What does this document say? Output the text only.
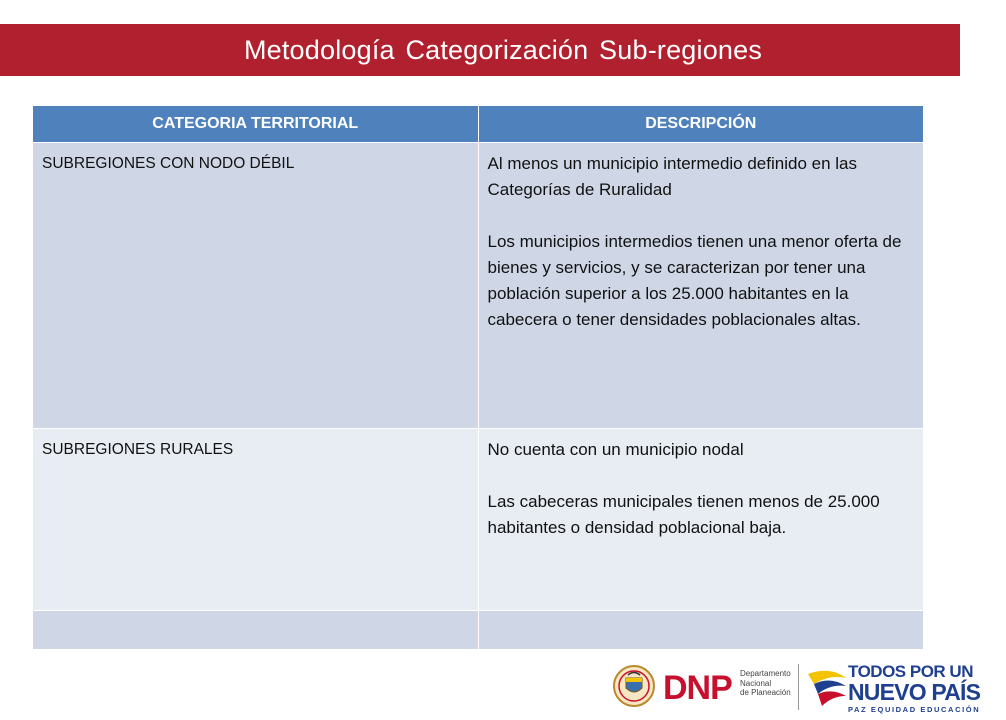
Metodología Categorización Sub-regiones
CATEGORIA TERRITORIAL	DESCRIPCIÓN
SUBREGIONES CON NODO DÉBIL	Al menos un municipio intermedio definido en las Categorías de Ruralidad
Los municipios intermedios tienen una menor oferta de bienes y servicios, y se caracterizan por tener una población superior a los 25.000 habitantes en la cabecera o tener densidades poblacionales altas.

SUBREGIONES RURALES	No cuenta con un municipio nodal
Las cabeceras municipales tienen menos de 25.000 habitantes o densidad poblacional baja.

DNP Departamento
Nacional
de Planeación
TODOS POR UN
NUEVO PAÍS
PAZ EQUIDAD EDUCACIÓN
